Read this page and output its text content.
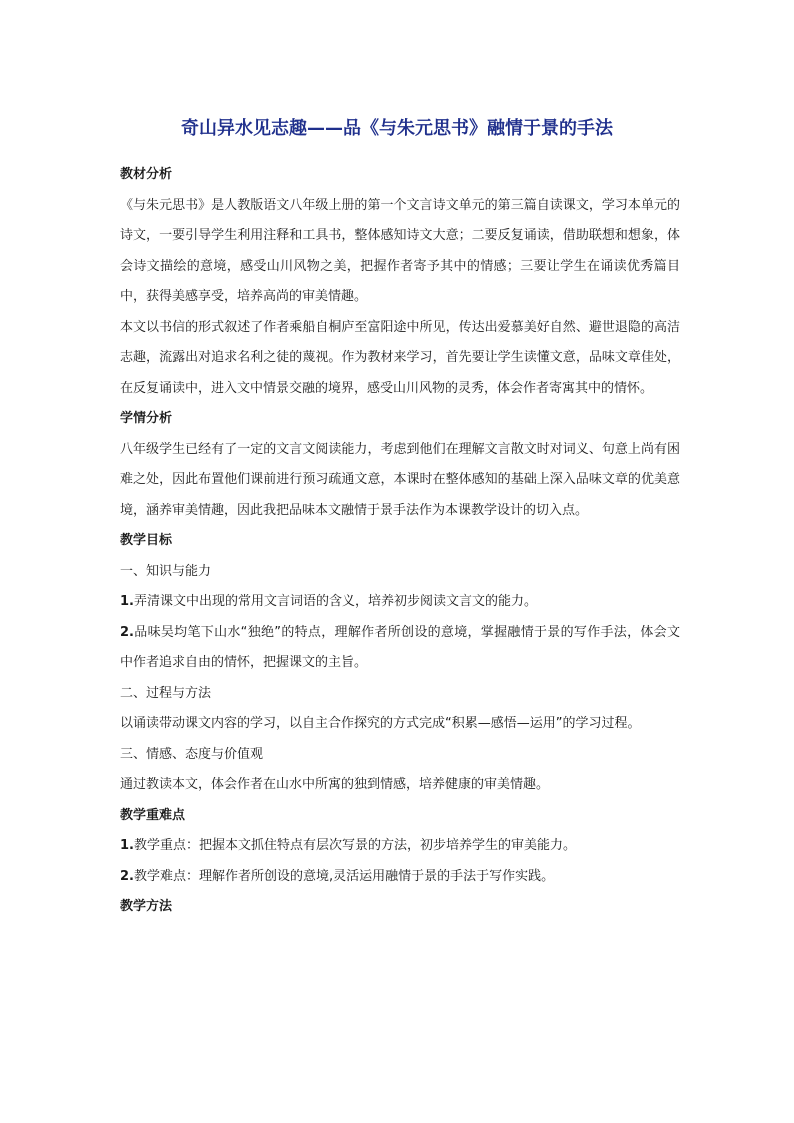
奇山异水见志趣——品《与朱元思书》融情于景的手法

教材分析

《与朱元思书》是人教版语文八年级上册的第一个文言诗文单元的第三篇自读课文，学习本单元的诗文，一要引导学生利用注释和工具书，整体感知诗文大意；二要反复诵读，借助联想和想象，体会诗文描绘的意境，感受山川风物之美，把握作者寄予其中的情感；三要让学生在诵读优秀篇目中，获得美感享受，培养高尚的审美情趣。

本文以书信的形式叙述了作者乘船自桐庐至富阳途中所见，传达出爱慕美好自然、避世退隐的高洁志趣，流露出对追求名利之徒的蔑视。作为教材来学习，首先要让学生读懂文意，品味文章佳处，在反复诵读中，进入文中情景交融的境界，感受山川风物的灵秀，体会作者寄寓其中的情怀。

学情分析

八年级学生已经有了一定的文言文阅读能力，考虑到他们在理解文言散文时对词义、句意上尚有困难之处，因此布置他们课前进行预习疏通文意，本课时在整体感知的基础上深入品味文章的优美意境，涵养审美情趣，因此我把品味本文融情于景手法作为本课教学设计的切入点。

教学目标

一、知识与能力

1.弄清课文中出现的常用文言词语的含义，培养初步阅读文言文的能力。

2.品味吴均笔下山水“独绝”的特点，理解作者所创设的意境，掌握融情于景的写作手法，体会文中作者追求自由的情怀，把握课文的主旨。

二、过程与方法

以诵读带动课文内容的学习，以自主合作探究的方式完成“积累—感悟—运用”的学习过程。

三、情感、态度与价值观

通过教读本文，体会作者在山水中所寓的独到情感，培养健康的审美情趣。

教学重难点

1.教学重点：把握本文抓住特点有层次写景的方法，初步培养学生的审美能力。

2.教学难点：理解作者所创设的意境,灵活运用融情于景的手法于写作实践。

教学方法
